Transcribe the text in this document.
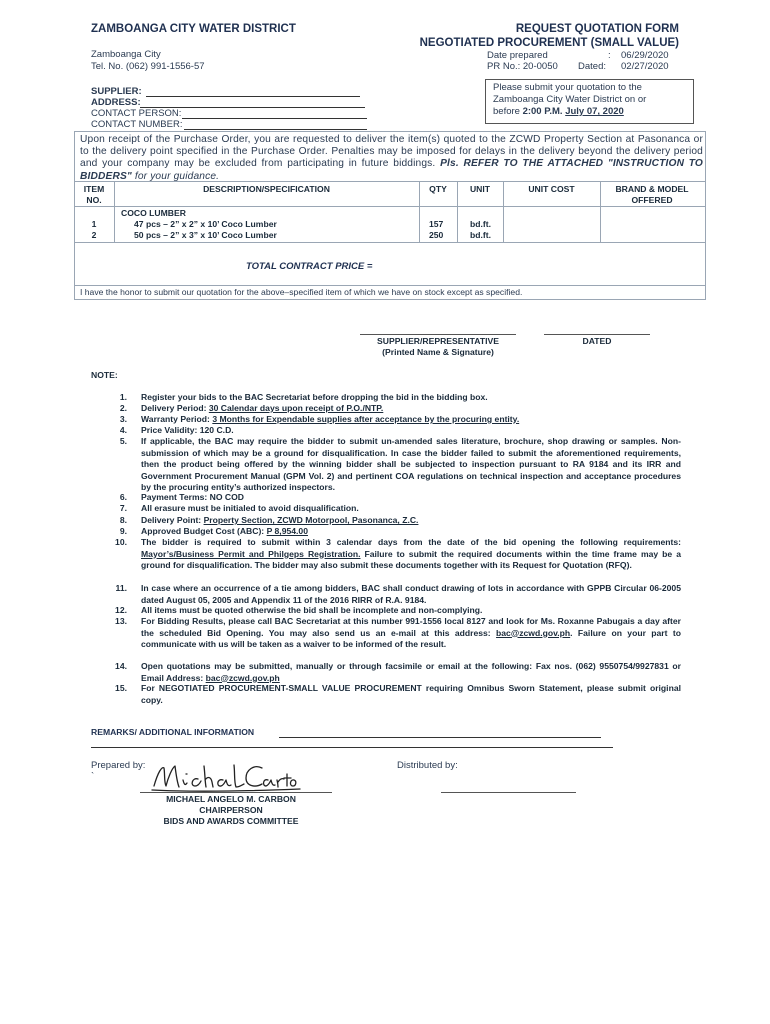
ZAMBOANGA CITY WATER DISTRICT
Zamboanga City
Tel. No. (062) 991-1556-57
REQUEST QUOTATION FORM
NEGOTIATED PROCUREMENT (SMALL VALUE)
Date prepared	: 06/29/2020
PR No.: 20-0050 Dated: 02/27/2020
SUPPLIER:
ADDRESS:
CONTACT PERSON:
CONTACT NUMBER:
Please submit your quotation to the
Zamboanga City Water District on or
before 2:00 P.M. July 07, 2020
Upon receipt of the Purchase Order, you are requested to deliver the item(s) quoted to the ZCWD Property Section at Pasonanca or to the delivery point specified in the Purchase Order. Penalties may be imposed for delays in the delivery beyond the delivery period and your company may be excluded from participating in future biddings. Pls. REFER TO THE ATTACHED "INSTRUCTION TO BIDDERS" for your guidance.
ITEM
NO.
DESCRIPTION/SPECIFICATION	QTY	UNIT	UNIT COST	BRAND & MODEL
OFFERED
COCO LUMBER
1	47 pcs – 2” x 2” x 10’ Coco Lumber	157	bd.ft.
2	50 pcs – 2” x 3” x 10’ Coco Lumber	250	bd.ft.
TOTAL CONTRACT PRICE =
I have the honor to submit our quotation for the above–specified item of which we have on stock except as specified.
SUPPLIER/REPRESENTATIVE
(Printed Name & Signature)
DATED
NOTE:
1. Register your bids to the BAC Secretariat before dropping the bid in the bidding box.
2. Delivery Period: 30 Calendar days upon receipt of P.O./NTP.
3. Warranty Period: 3 Months for Expendable supplies after acceptance by the procuring entity.
4. Price Validity: 120 C.D.
5. If applicable, the BAC may require the bidder to submit un-amended sales literature, brochure, shop drawing or samples. Non-submission of which may be a ground for disqualification. In case the bidder failed to submit the aforementioned requirements, then the product being offered by the winning bidder shall be subjected to inspection pursuant to RA 9184 and its IRR and Government Procurement Manual (GPM Vol. 2) and pertinent COA regulations on technical inspection and acceptance procedures by the procuring entity’s authorized inspectors.
6. Payment Terms: NO COD
7. All erasure must be initialed to avoid disqualification.
8. Delivery Point: Property Section, ZCWD Motorpool, Pasonanca, Z.C.
9. Approved Budget Cost (ABC): P 8,954.00
10. The bidder is required to submit within 3 calendar days from the date of the bid opening the following requirements: Mayor’s/Business Permit and Philgeps Registration. Failure to submit the required documents within the time frame may be a ground for disqualification. The bidder may also submit these documents together with its Request for Quotation (RFQ).
11. In case where an occurrence of a tie among bidders, BAC shall conduct drawing of lots in accordance with GPPB Circular 06-2005 dated August 05, 2005 and Appendix 11 of the 2016 RIRR of R.A. 9184.
12. All items must be quoted otherwise the bid shall be incomplete and non-complying.
13. For Bidding Results, please call BAC Secretariat at this number 991-1556 local 8127 and look for Ms. Roxanne Pabugais a day after the scheduled Bid Opening. You may also send us an e-mail at this address: bac@zcwd.gov.ph. Failure on your part to communicate with us will be taken as a waiver to be informed of the result.
14. Open quotations may be submitted, manually or through facsimile or email at the following: Fax nos. (062) 9550754/9927831 or Email Address: bac@zcwd.gov.ph
15. For NEGOTIATED PROCUREMENT-SMALL VALUE PROCUREMENT requiring Omnibus Sworn Statement, please submit original copy.
REMARKS/ ADDITIONAL INFORMATION
Prepared by:
`
MICHAEL ANGELO M. CARBON
CHAIRPERSON
BIDS AND AWARDS COMMITTEE
Distributed by:
